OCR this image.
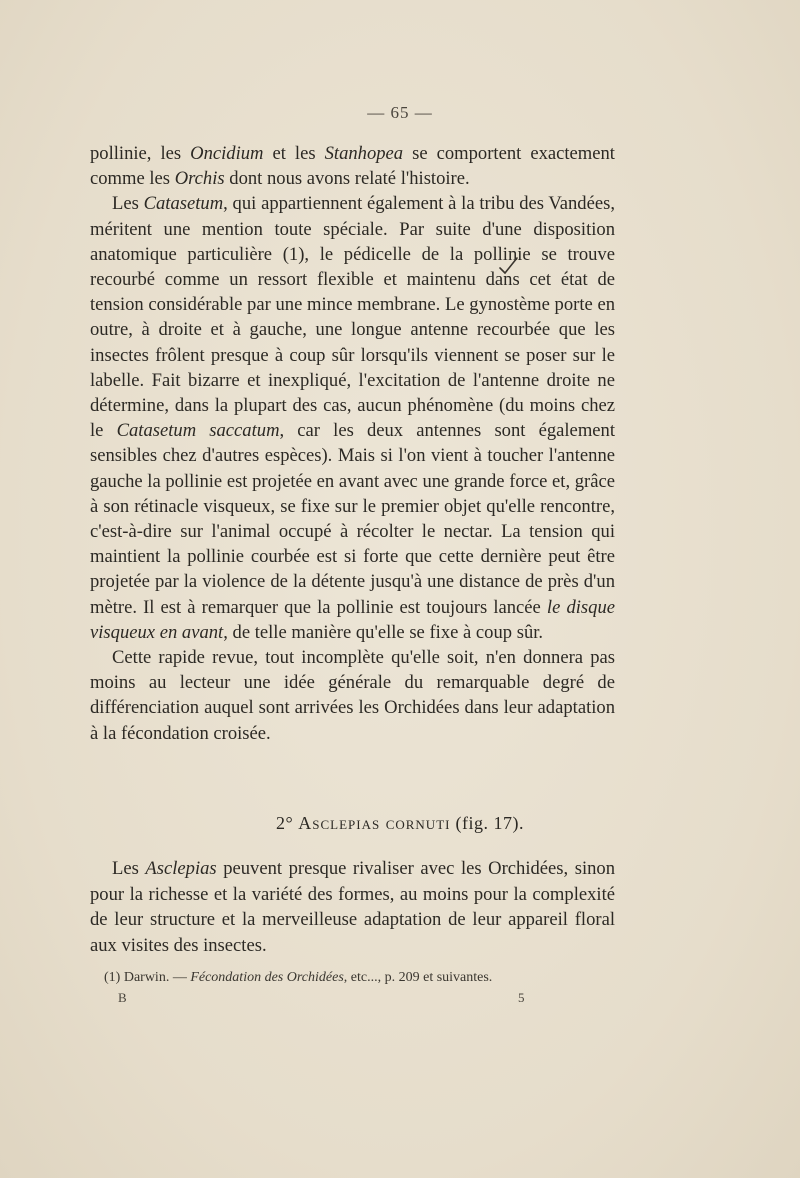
— 65 —

pollinie, les Oncidium et les Stanhopea se comportent exactement comme les Orchis dont nous avons relaté l'histoire.

Les Catasetum, qui appartiennent également à la tribu des Vandées, méritent une mention toute spéciale. Par suite d'une disposition anatomique particulière (1), le pédicelle de la pollinie se trouve recourbé comme un ressort flexible et maintenu dans cet état de tension considérable par une mince membrane. Le gynostème porte en outre, à droite et à gauche, une longue antenne recourbée que les insectes frôlent presque à coup sûr lorsqu'ils viennent se poser sur le labelle. Fait bizarre et inexpliqué, l'excitation de l'antenne droite ne détermine, dans la plupart des cas, aucun phénomène (du moins chez le Catasetum saccatum, car les deux antennes sont également sensibles chez d'autres espèces). Mais si l'on vient à toucher l'antenne gauche la pollinie est projetée en avant avec une grande force et, grâce à son rétinacle visqueux, se fixe sur le premier objet qu'elle rencontre, c'est-à-dire sur l'animal occupé à récolter le nectar. La tension qui maintient la pollinie courbée est si forte que cette dernière peut être projetée par la violence de la détente jusqu'à une distance de près d'un mètre. Il est à remarquer que la pollinie est toujours lancée le disque visqueux en avant, de telle manière qu'elle se fixe à coup sûr.

Cette rapide revue, tout incomplète qu'elle soit, n'en donnera pas moins au lecteur une idée générale du remarquable degré de différenciation auquel sont arrivées les Orchidées dans leur adaptation à la fécondation croisée.

2° Asclepias cornuti (fig. 17).

Les Asclepias peuvent presque rivaliser avec les Orchidées, sinon pour la richesse et la variété des formes, au moins pour la complexité de leur structure et la merveilleuse adaptation de leur appareil floral aux visites des insectes.

(1) Darwin. — Fécondation des Orchidées, etc..., p. 209 et suivantes.
B	5
